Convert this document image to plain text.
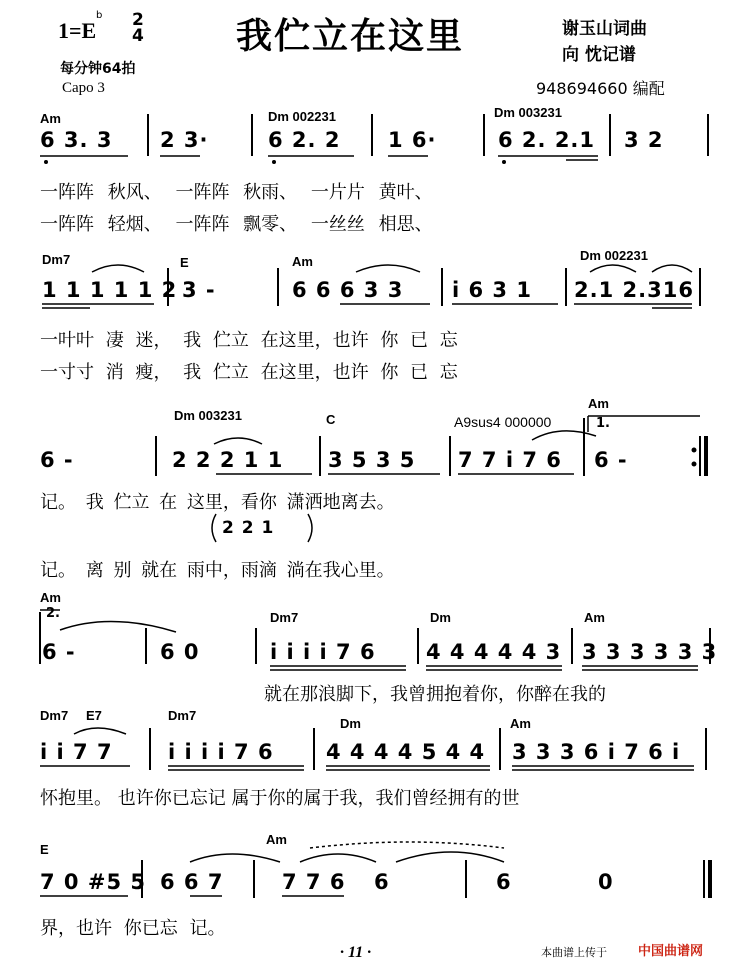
b
1=E 2
4
每分钟64拍
Capo 3
我伫立在这里	谢玉山词曲
向 忱记谱
948694660 编配
Am	Dm 002231	Dm 003231
6 3. 3 2 3·	6 2. 2 1 6·	6 2. 2.1 3 2
一阵阵 秋风、 一阵阵 秋雨、 一片片 黄叶、
一阵阵 轻烟、 一阵阵 飘零、 一丝丝 相思、
Dm7	E	Am	Dm 002231
1 1 1 1 1 2 3 -	6 6 6 3 3 i 6 3 1 2.1 2.316
一叶叶 凄 迷， 我 伫立 在这里，也许 你 已 忘
一寸寸 消 瘦， 我 伫立 在这里，也许 你 已 忘
Dm 003231	C	A9sus4 000000
Am
1.
6 -	2 2 2 1 1 3 5 3 5 7 7 i 7 6 6 -
记。 我 伫立 在 这里，看你 潇洒地离去。
2 2 1
记。 离 别 就在 雨中，雨滴 淌在我心里。
Am
2.	Dm7	Dm	Am
6 -	6 0	i i i i 7 6 4 4 4 4 4 3 3 3 3 3 3 3
就在那浪脚下，我曾拥抱着你，你醉在我的
Dm7 E7	Dm7
Dm	Am
i i 7 7	i i i i 7 6 4 4 4 4 5 4 4 3 3 3 6 i 7 6 i
怀抱里。 也许你已忘记 属于你的属于我，我们曾经拥有的世
E
Am
7 0 #5 5 6 6 7	7 7 6 6	6	0
界，也许 你已忘 记。
· 11 ·	本曲谱上传于 中国曲谱网
